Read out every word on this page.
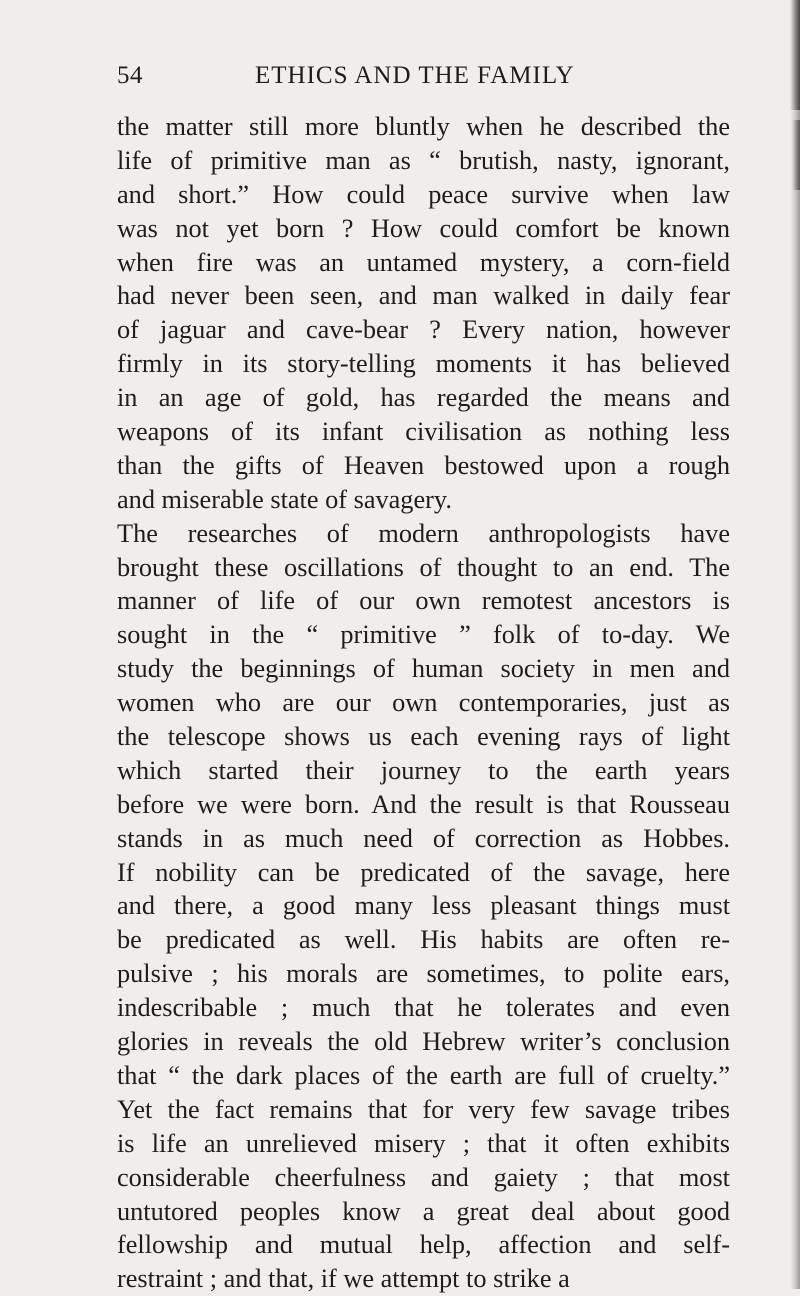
54	ETHICS AND THE FAMILY
the matter still more bluntly when he described the
life of primitive man as “ brutish, nasty, ignorant,
and short.” How could peace survive when law
was not yet born ? How could comfort be known
when fire was an untamed mystery, a corn-field
had never been seen, and man walked in daily fear
of jaguar and cave-bear ? Every nation, however
firmly in its story-telling moments it has believed
in an age of gold, has regarded the means and
weapons of its infant civilisation as nothing less
than the gifts of Heaven bestowed upon a rough
and miserable state of savagery.
The researches of modern anthropologists have
brought these oscillations of thought to an end. The
manner of life of our own remotest ancestors is
sought in the “ primitive ” folk of to-day. We
study the beginnings of human society in men and
women who are our own contemporaries, just as
the telescope shows us each evening rays of light
which started their journey to the earth years
before we were born. And the result is that Rousseau
stands in as much need of correction as Hobbes.
If nobility can be predicated of the savage, here
and there, a good many less pleasant things must
be predicated as well. His habits are often re-
pulsive ; his morals are sometimes, to polite ears,
indescribable ; much that he tolerates and even
glories in reveals the old Hebrew writer’s conclusion
that “ the dark places of the earth are full of cruelty.”
Yet the fact remains that for very few savage tribes
is life an unrelieved misery ; that it often exhibits
considerable cheerfulness and gaiety ; that most
untutored peoples know a great deal about good
fellowship and mutual help, affection and self-
restraint ; and that, if we attempt to strike a
